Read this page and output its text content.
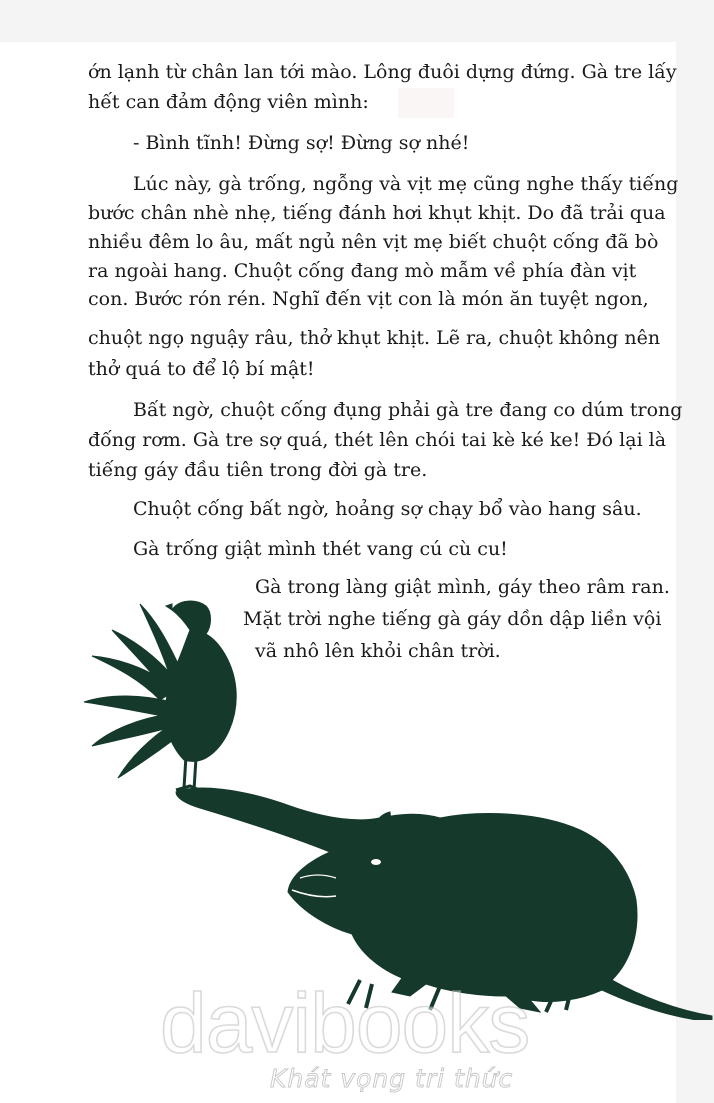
ớn lạnh từ chân lan tới mào. Lông đuôi dựng đứng. Gà tre lấy
hết can đảm động viên mình:
- Bình tĩnh! Đừng sợ! Đừng sợ nhé!
Lúc này, gà trống, ngỗng và vịt mẹ cũng nghe thấy tiếng
bước chân nhè nhẹ, tiếng đánh hơi khụt khịt. Do đã trải qua
nhiều đêm lo âu, mất ngủ nên vịt mẹ biết chuột cống đã bò
ra ngoài hang. Chuột cống đang mò mẫm về phía đàn vịt
con. Bước rón rén. Nghĩ đến vịt con là món ăn tuyệt ngon,
chuột ngọ nguậy râu, thở khụt khịt. Lẽ ra, chuột không nên
thở quá to để lộ bí mật!
Bất ngờ, chuột cống đụng phải gà tre đang co dúm trong
đống rơm. Gà tre sợ quá, thét lên chói tai kè ké ke! Đó lại là
tiếng gáy đầu tiên trong đời gà tre.
Chuột cống bất ngờ, hoảng sợ chạy bổ vào hang sâu.
Gà trống giật mình thét vang cú cù cu!
Gà trong làng giật mình, gáy theo râm ran.
Mặt trời nghe tiếng gà gáy dồn dập liền vội
vã nhô lên khỏi chân trời.
davibooks
Khát vọng tri thức
